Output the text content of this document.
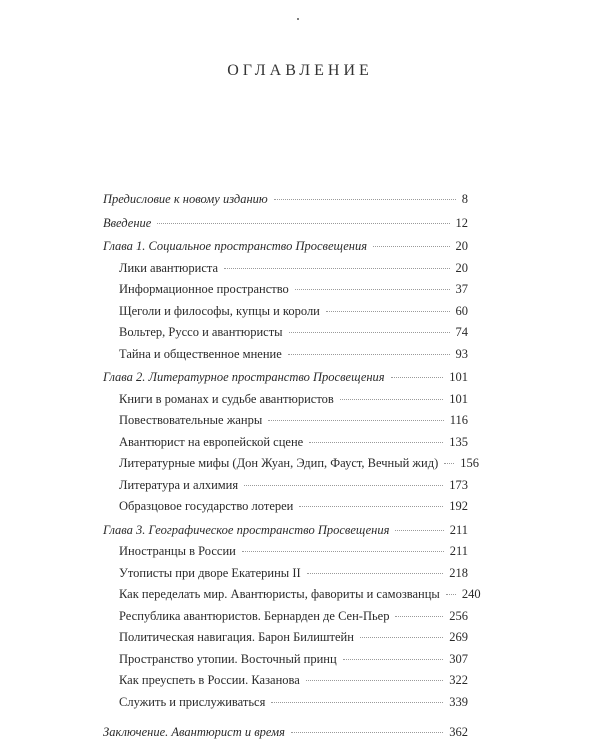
ОГЛАВЛЕНИЕ
Предисловие к новому изданию	8
Введение	12
Глава 1. Социальное пространство Просвещения	20
Лики авантюриста	20
Информационное пространство	37
Щеголи и философы, купцы и короли	60
Вольтер, Руссо и авантюристы	74
Тайна и общественное мнение	93
Глава 2. Литературное пространство Просвещения	101
Книги в романах и судьбе авантюристов	101
Повествовательные жанры	116
Авантюрист на европейской сцене	135
Литературные мифы (Дон Жуан, Эдип, Фауст, Вечный жид) 156
Литература и алхимия	173
Образцовое государство лотереи	192
Глава 3. Географическое пространство Просвещения	211
Иностранцы в России	211
Утописты при дворе Екатерины II	218
Как переделать мир. Авантюристы, фавориты и самозванцы 240
Республика авантюристов. Бернарден де Сен-Пьер	256
Политическая навигация. Барон Билиштейн	269
Пространство утопии. Восточный принц	307
Как преуспеть в России. Казанова	322
Служить и прислуживаться	339
Заключение. Авантюрист и время	362
